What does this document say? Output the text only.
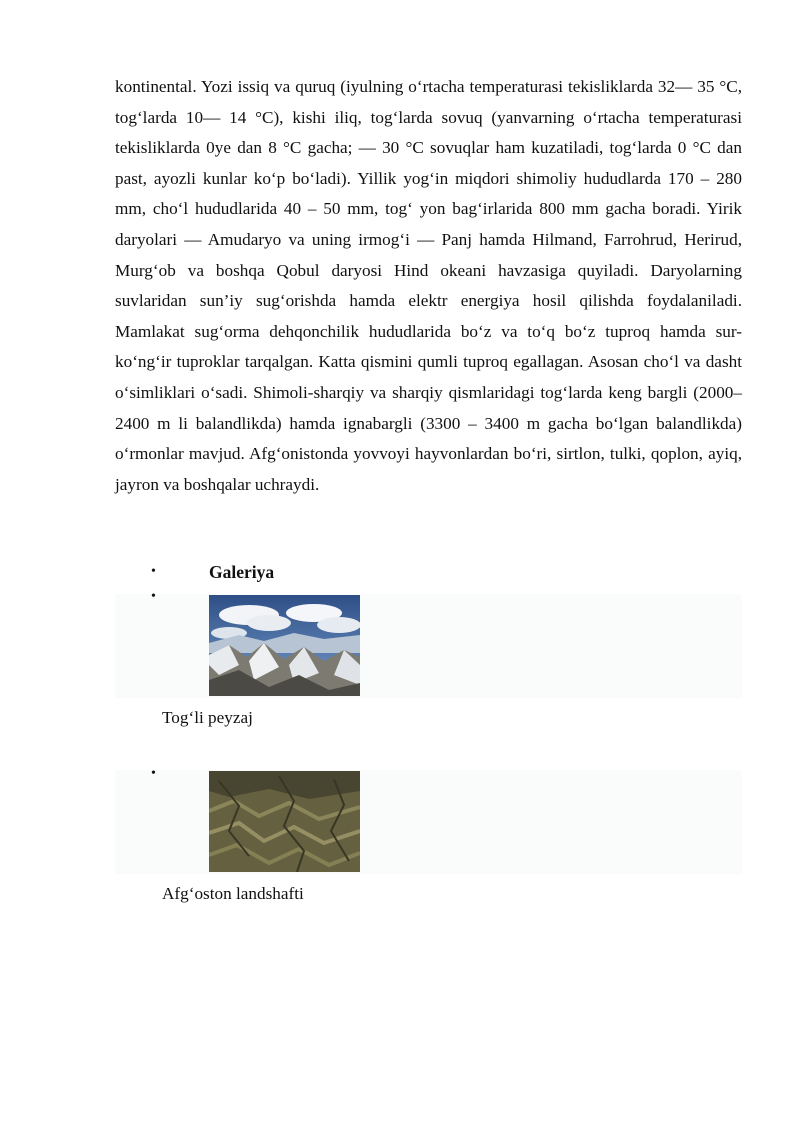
kontinental. Yozi issiq va quruq (iyulning oʻrtacha temperaturasi tekisliklarda 32— 35 °C, togʻlarda 10— 14 °C), kishi iliq, togʻlarda sovuq (yanvarning oʻrtacha temperaturasi tekisliklarda 0ye dan 8 °C gacha; — 30 °C sovuqlar ham kuzatiladi, togʻlarda 0 °C dan past, ayozli kunlar koʻp boʻladi). Yillik yogʻin miqdori shimoliy hududlarda 170 – 280 mm, choʻl hududlarida 40 – 50 mm, togʻ yon bagʻirlarida 800 mm gacha boradi. Yirik daryolari — Amudaryo va uning irmogʻi — Panj hamda Hilmand, Farrohrud, Herirud, Murgʻob va boshqa Qobul daryosi Hind okeani havzasiga quyiladi. Daryolarning suvlaridan sun’iy sugʻorishda hamda elektr energiya hosil qilishda foydalaniladi. Mamlakat sugʻorma dehqonchilik hududlarida boʻz va toʻq boʻz tuproq hamda sur-koʻngʻir tuproklar tarqalgan. Katta qismini qumli tuproq egallagan. Asosan choʻl va dasht oʻsimliklari oʻsadi. Shimoli-sharqiy va sharqiy qismlaridagi togʻlarda keng bargli (2000–2400 m li balandlikda) hamda ignabargli (3300 – 3400 m gacha boʻlgan balandlikda) oʻrmonlar mavjud. Afgʻonistonda yovvoyi hayvonlardan boʻri, sirtlon, tulki, qoplon, ayiq, jayron va boshqalar uchraydi.

•	Galeriya
•
Togʻli peyzaj
•
Afgʻoston landshafti
